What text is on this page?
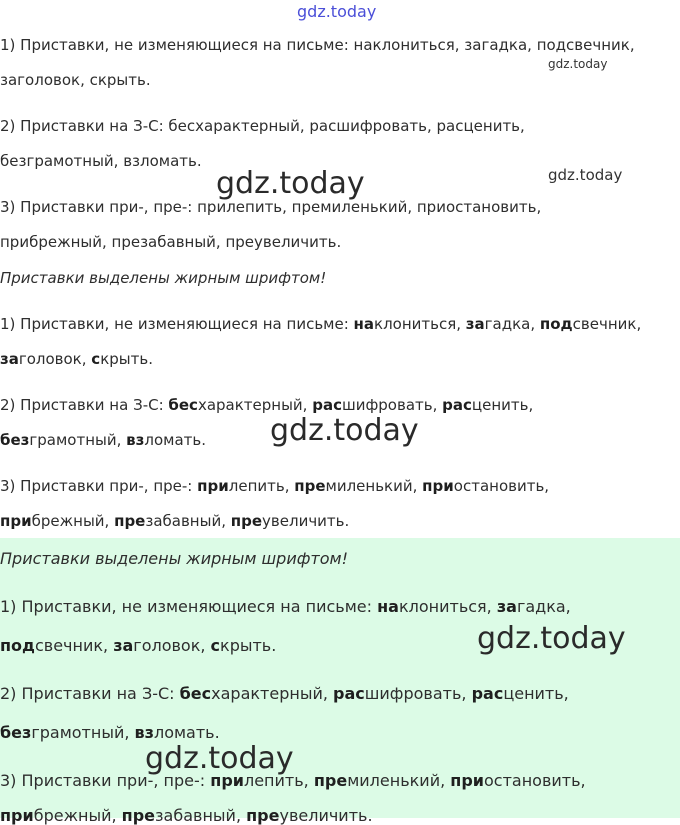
1) Приставки, не изменяющиеся на письме: наклониться, загадка, подсвечник,
заголовок, скрыть.
2) Приставки на З-С: бесхарактерный, расшифровать, расценить,
безграмотный, взломать.
3) Приставки при-, пре-: прилепить, премиленький, приостановить,
прибрежный, презабавный, преувеличить.
Приставки выделены жирным шрифтом!
1) Приставки, не изменяющиеся на письме: наклониться, загадка, подсвечник,
заголовок, скрыть.
2) Приставки на З-С: бесхарактерный, расшифровать, расценить,
безграмотный, взломать.
3) Приставки при-, пре-: прилепить, премиленький, приостановить,
прибрежный, презабавный, преувеличить.
Приставки выделены жирным шрифтом!
1) Приставки, не изменяющиеся на письме: наклониться, загадка,
подсвечник, заголовок, скрыть.
2) Приставки на З-С: бесхарактерный, расшифровать, расценить,
безграмотный, взломать.
3) Приставки при-, пре-: прилепить, премиленький, приостановить,
прибрежный, презабавный, преувеличить.
gdz.today
gdz.today
gdz.today
gdz.today
gdz.today
gdz.today
gdz.today
